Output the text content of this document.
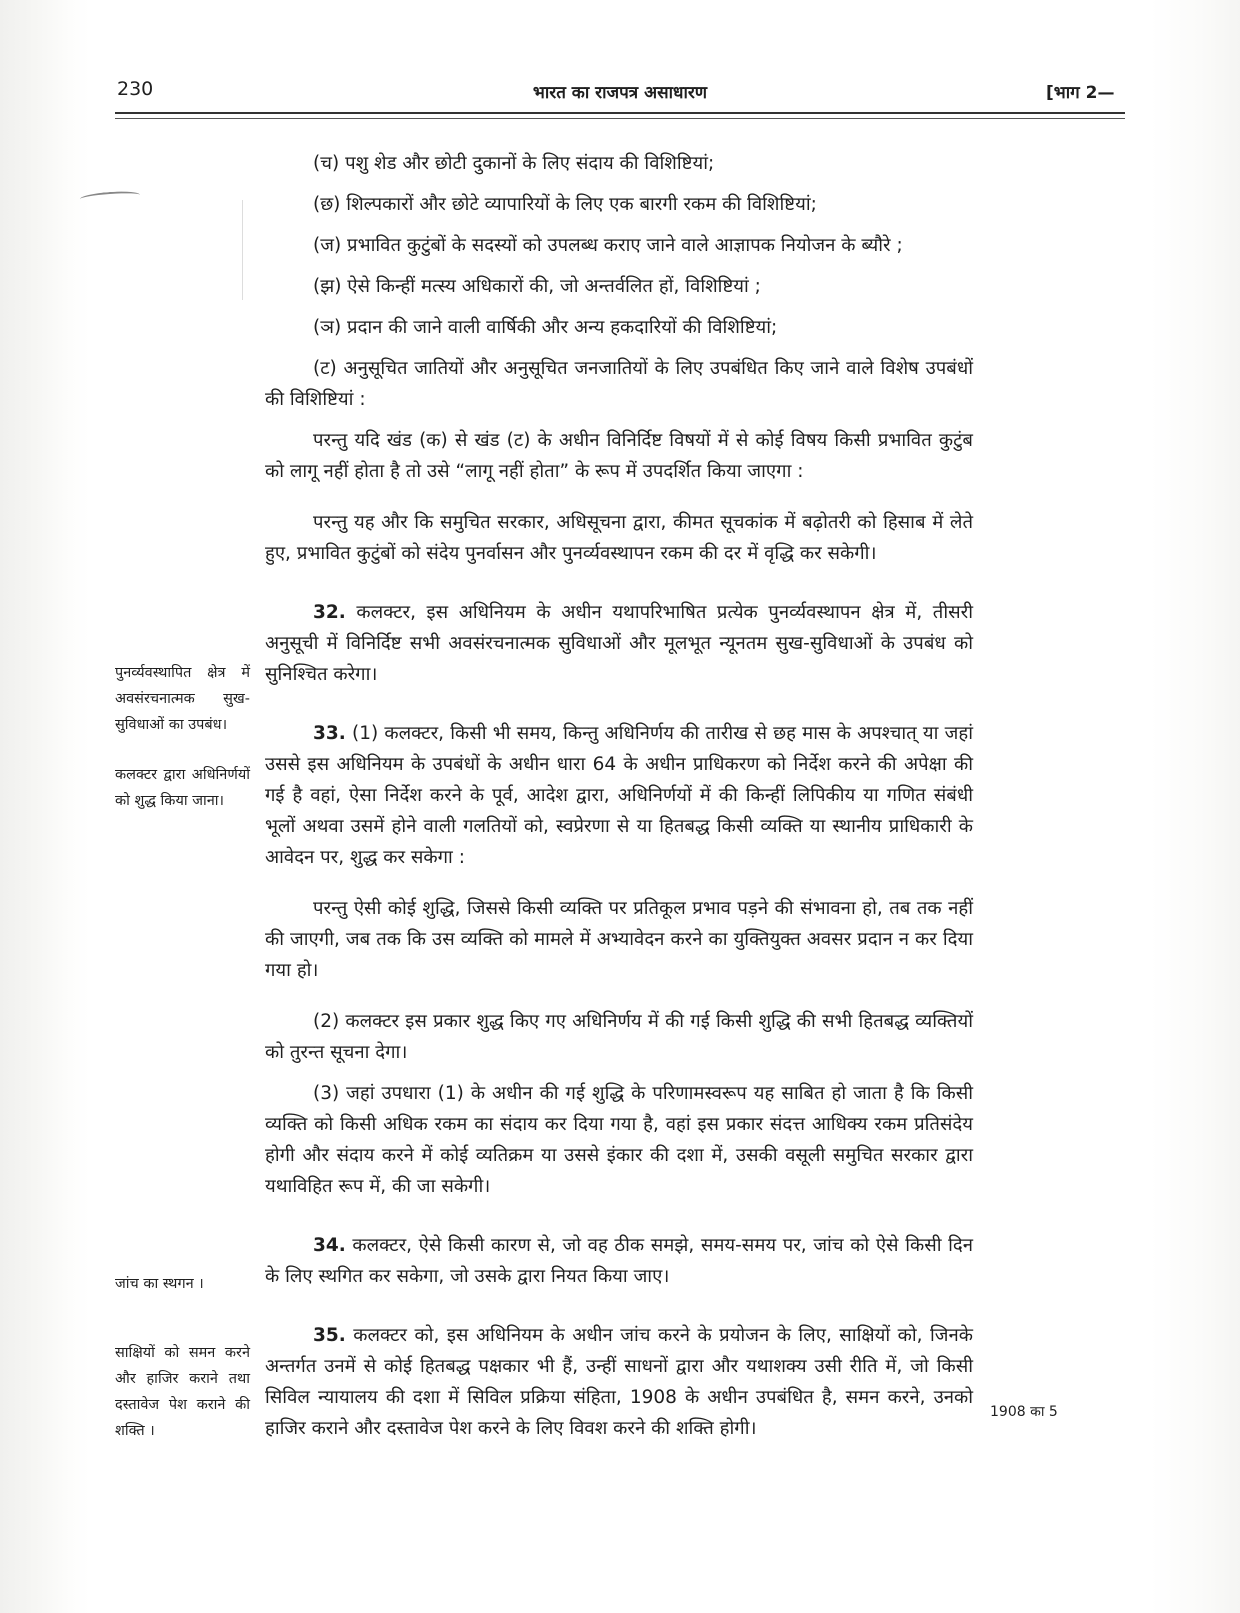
230	भारत का राजपत्र असाधारण	[भाग 2—

(च) पशु शेड और छोटी दुकानों के लिए संदाय की विशिष्टियां;

(छ) शिल्पकारों और छोटे व्यापारियों के लिए एक बारगी रकम की विशिष्टियां;

(ज) प्रभावित कुटुंबों के सदस्यों को उपलब्ध कराए जाने वाले आज्ञापक नियोजन के ब्यौरे ;

(झ) ऐसे किन्हीं मत्स्य अधिकारों की, जो अन्तर्वलित हों, विशिष्टियां ;

(ञ) प्रदान की जाने वाली वार्षिकी और अन्य हकदारियों की विशिष्टियां;

(ट) अनुसूचित जातियों और अनुसूचित जनजातियों के लिए उपबंधित किए जाने वाले विशेष उपबंधों की विशिष्टियां :

परन्तु यदि खंड (क) से खंड (ट) के अधीन विनिर्दिष्ट विषयों में से कोई विषय किसी प्रभावित कुटुंब को लागू नहीं होता है तो उसे “लागू नहीं होता” के रूप में उपदर्शित किया जाएगा :

परन्तु यह और कि समुचित सरकार, अधिसूचना द्वारा, कीमत सूचकांक में बढ़ोतरी को हिसाब में लेते हुए, प्रभावित कुटुंबों को संदेय पुनर्वासन और पुनर्व्यवस्थापन रकम की दर में वृद्धि कर सकेगी।

32. कलक्टर, इस अधिनियम के अधीन यथापरिभाषित प्रत्येक पुनर्व्यवस्थापन क्षेत्र में, तीसरी अनुसूची में विनिर्दिष्ट सभी अवसंरचनात्मक सुविधाओं और मूलभूत न्यूनतम सुख-सुविधाओं के उपबंध को सुनिश्चित करेगा।

33. (1) कलक्टर, किसी भी समय, किन्तु अधिनिर्णय की तारीख से छह मास के अपश्चात् या जहां उससे इस अधिनियम के उपबंधों के अधीन धारा 64 के अधीन प्राधिकरण को निर्देश करने की अपेक्षा की गई है वहां, ऐसा निर्देश करने के पूर्व, आदेश द्वारा, अधिनिर्णयों में की किन्हीं लिपिकीय या गणित संबंधी भूलों अथवा उसमें होने वाली गलतियों को, स्वप्रेरणा से या हितबद्ध किसी व्यक्ति या स्थानीय प्राधिकारी के आवेदन पर, शुद्ध कर सकेगा :

परन्तु ऐसी कोई शुद्धि, जिससे किसी व्यक्ति पर प्रतिकूल प्रभाव पड़ने की संभावना हो, तब तक नहीं की जाएगी, जब तक कि उस व्यक्ति को मामले में अभ्यावेदन करने का युक्तियुक्त अवसर प्रदान न कर दिया गया हो।

(2) कलक्टर इस प्रकार शुद्ध किए गए अधिनिर्णय में की गई किसी शुद्धि की सभी हितबद्ध व्यक्तियों को तुरन्त सूचना देगा।

(3) जहां उपधारा (1) के अधीन की गई शुद्धि के परिणामस्वरूप यह साबित हो जाता है कि किसी व्यक्ति को किसी अधिक रकम का संदाय कर दिया गया है, वहां इस प्रकार संदत्त आधिक्य रकम प्रतिसंदेय होगी और संदाय करने में कोई व्यतिक्रम या उससे इंकार की दशा में, उसकी वसूली समुचित सरकार द्वारा यथाविहित रूप में, की जा सकेगी।

34. कलक्टर, ऐसे किसी कारण से, जो वह ठीक समझे, समय-समय पर, जांच को ऐसे किसी दिन के लिए स्थगित कर सकेगा, जो उसके द्वारा नियत किया जाए।

35. कलक्टर को, इस अधिनियम के अधीन जांच करने के प्रयोजन के लिए, साक्षियों को, जिनके अन्तर्गत उनमें से कोई हितबद्ध पक्षकार भी हैं, उन्हीं साधनों द्वारा और यथाशक्य उसी रीति में, जो किसी सिविल न्यायालय की दशा में सिविल प्रक्रिया संहिता, 1908 के अधीन उपबंधित है, समन करने, उनको हाजिर कराने और दस्तावेज पेश करने के लिए विवश करने की शक्ति होगी।

पुनर्व्यवस्थापित क्षेत्र में अवसंरचनात्मक सुख-सुविधाओं का उपबंध।
कलक्टर द्वारा अधिनिर्णयों को शुद्ध किया जाना।
जांच का स्थगन ।
साक्षियों को समन करने और हाजिर कराने तथा दस्तावेज पेश कराने की शक्ति ।
1908 का 5
